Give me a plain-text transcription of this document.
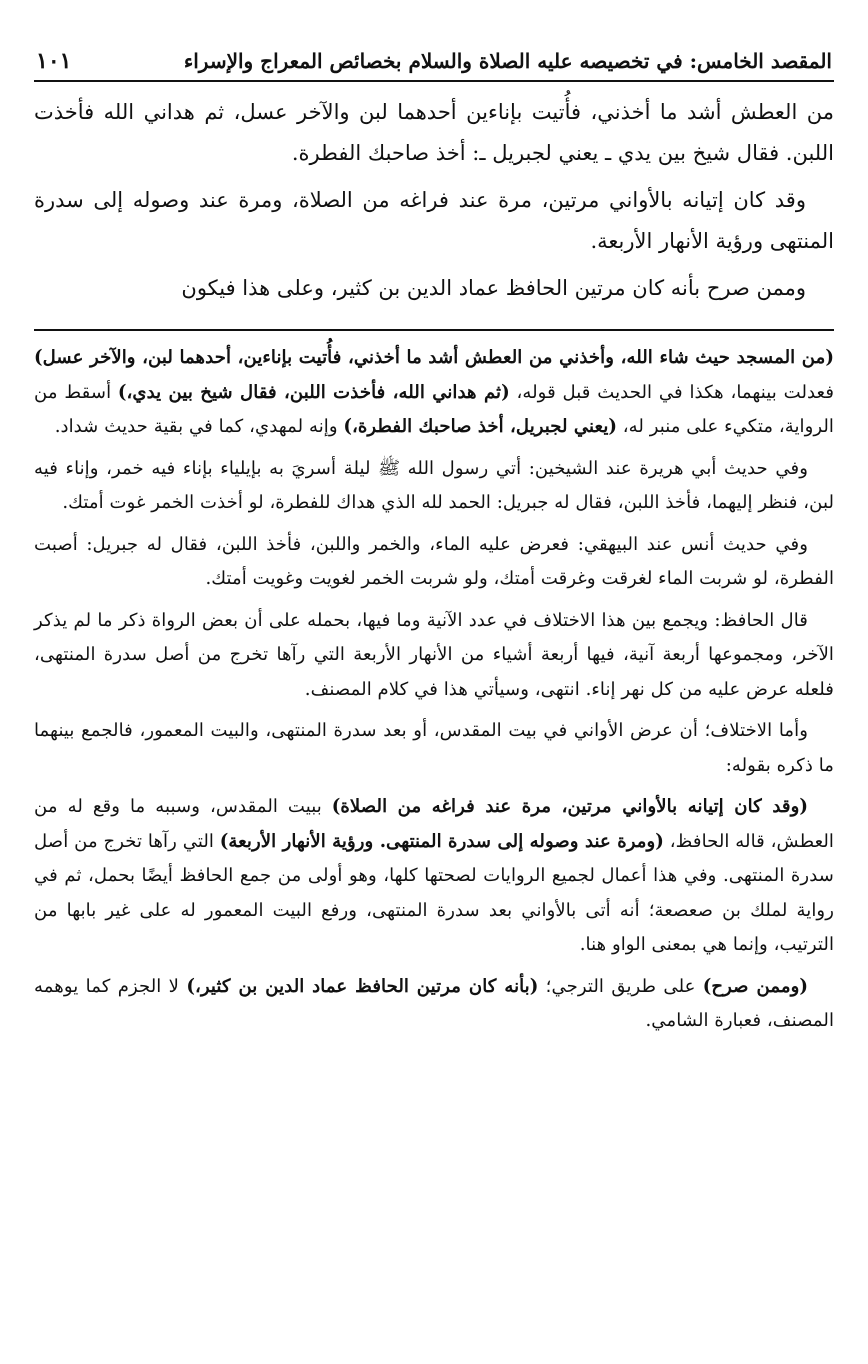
المقصد الخامس: في تخصيصه عليه الصلاة والسلام بخصائص المعراج والإسراء
١٠١

من العطش أشد ما أخذني، فأُتيت بإناءين أحدهما لبن والآخر عسل، ثم هداني الله فأخذت اللبن. فقال شيخ بين يدي ـ يعني لجبريل ـ: أخذ صاحبك الفطرة.

وقد كان إتيانه بالأواني مرتين، مرة عند فراغه من الصلاة، ومرة عند وصوله إلى سدرة المنتهى ورؤية الأنهار الأربعة.

وممن صرح بأنه كان مرتين الحافظ عماد الدين بن كثير، وعلى هذا فيكون

(من المسجد حيث شاء الله، وأخذني من العطش أشد ما أخذني، فأُتيت بإناءين، أحدهما لبن، والآخر عسل) فعدلت بينهما، هكذا في الحديث قبل قوله، (ثم هداني الله، فأخذت اللبن، فقال شيخ بين يدي،) أسقط من الرواية، متكيء على منبر له، (يعني لجبريل، أخذ صاحبك الفطرة،) وإنه لمهدي، كما في بقية حديث شداد.

وفي حديث أبي هريرة عند الشيخين: أتي رسول الله ﷺ ليلة أسريَ به بإيلياء بإناء فيه خمر، وإناء فيه لبن، فنظر إليهما، فأخذ اللبن، فقال له جبريل: الحمد لله الذي هداك للفطرة، لو أخذت الخمر غوت أمتك.

وفي حديث أنس عند البيهقي: فعرض عليه الماء، والخمر واللبن، فأخذ اللبن، فقال له جبريل: أصبت الفطرة، لو شربت الماء لغرقت وغرقت أمتك، ولو شربت الخمر لغويت وغويت أمتك.

قال الحافظ: ويجمع بين هذا الاختلاف في عدد الآنية وما فيها، بحمله على أن بعض الرواة ذكر ما لم يذكر الآخر، ومجموعها أربعة آنية، فيها أربعة أشياء من الأنهار الأربعة التي رآها تخرج من أصل سدرة المنتهى، فلعله عرض عليه من كل نهر إناء. انتهى، وسيأتي هذا في كلام المصنف.

وأما الاختلاف؛ أن عرض الأواني في بيت المقدس، أو بعد سدرة المنتهى، والبيت المعمور، فالجمع بينهما ما ذكره بقوله:

(وقد كان إتيانه بالأواني مرتين، مرة عند فراغه من الصلاة) ببيت المقدس، وسببه ما وقع له من العطش، قاله الحافظ، (ومرة عند وصوله إلى سدرة المنتهى. ورؤية الأنهار الأربعة) التي رآها تخرج من أصل سدرة المنتهى. وفي هذا أعمال لجميع الروايات لصحتها كلها، وهو أولى من جمع الحافظ أيضًا بحمل، ثم في رواية لملك بن صعصعة؛ أنه أتى بالأواني بعد سدرة المنتهى، ورفع البيت المعمور له على غير بابها من الترتيب، وإنما هي بمعنى الواو هنا.

(وممن صرح) على طريق الترجي؛ (بأنه كان مرتين الحافظ عماد الدين بن كثير،) لا الجزم كما يوهمه المصنف، فعبارة الشامي.
